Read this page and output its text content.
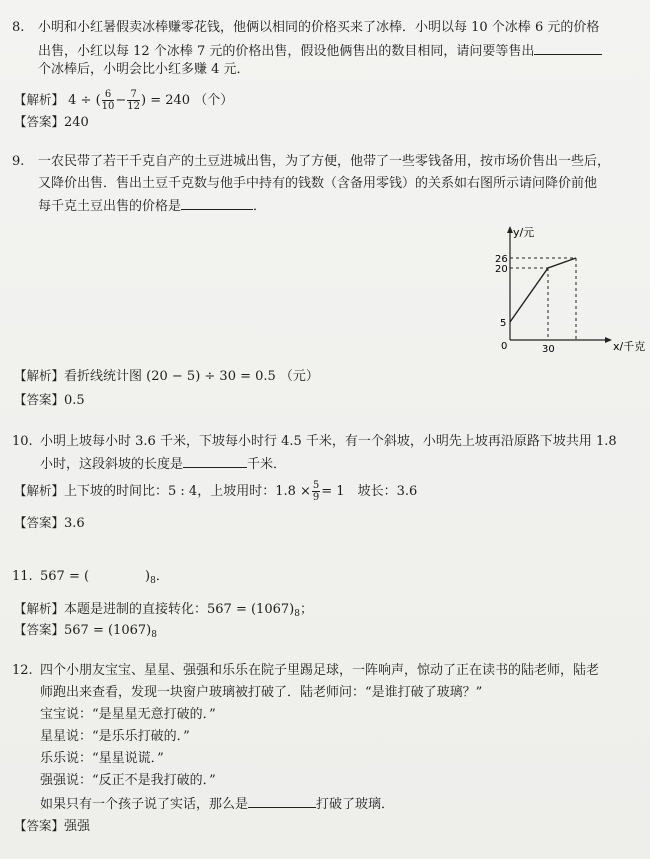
8. 小明和小红暑假卖冰棒赚零花钱，他俩以相同的价格买来了冰棒．小明以每 10 个冰棒 6 元的价格
出售，小红以每 12 个冰棒 7 元的价格出售，假设他俩售出的数目相同，请问要等售出
个冰棒后，小明会比小红多赚 4 元．
【解析】 4 ÷ ( $\frac{6}{10} - \frac{7}{12}$ ) = 240 （个）
【答案】240
9. 一农民带了若干千克自产的土豆进城出售，为了方便，他带了一些零钱备用，按市场价售出一些后，
又降价出售．售出土豆千克数与他手中持有的钱数（含备用零钱）的关系如右图所示请问降价前他
每千克土豆出售的价格是	．
y/元
x/千克
0
26
20
5
30
【解析】看折线统计图 (20 − 5) ÷ 30 = 0.5 （元）
【答案】0.5
10. 小明上坡每小时 3.6 千米，下坡每小时行 4.5 千米，有一个斜坡，小明先上坡再沿原路下坡共用 1.8
小时，这段斜坡的长度是	千米．
【解析】上下坡的时间比：5 : 4，上坡用时：$1.8 \times \frac{5}{9} = 1$　坡长：3.6
【答案】3.6
11. 567 = (	)$_8$．
【解析】本题是进制的直接转化：$567 = (1067)_8$；
【答案】$567 = (1067)_8$
12. 四个小朋友宝宝、星星、强强和乐乐在院子里踢足球，一阵响声，惊动了正在读书的陆老师，陆老
师跑出来查看，发现一块窗户玻璃被打破了．陆老师问：“是谁打破了玻璃？”
宝宝说：“是星星无意打破的．”
星星说：“是乐乐打破的．”
乐乐说：“星星说谎．”
强强说：“反正不是我打破的．”
如果只有一个孩子说了实话，那么是	打破了玻璃．
【答案】强强
